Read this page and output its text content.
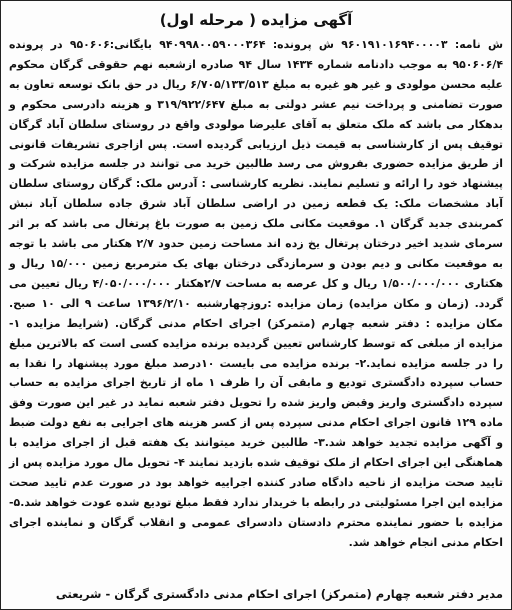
آگهی مزایده ( مرحله اول)

ش نامه: ۹۶۰۱۹۱۰۱۶۹۴۰۰۰۰۳ ش پرونده: ۹۴۰۹۹۸۰۰۵۹۰۰۰۳۶۴ بایگانی:۹۵۰۶۰۶ در پرونده ۹۵۰۶۰۶/۴ به موجب دادنامه شماره ۱۴۳۴ سال ۹۴ صادره ازشعبه نهم حقوقی گرگان محکوم علیه محسن مولودی و غیر هو غیره به مبلغ ۶/۷۰۵/۱۳۳/۵۱۳ ریال در حق بانک توسعه تعاون به صورت تضامنی و پرداخت نیم عشر دولتی به مبلغ ۳۱۹/۹۲۲/۶۴۷ و هزینه دادرسی محکوم و بدهکار می باشد که ملک متعلق به آقای علیرضا مولودی واقع در روستای سلطان آباد گرگان توقیف پس از کارشناسی به قیمت ذیل ارزیابی گردیده است. پس ازاجری تشریفات قانونی از طریق مزایده حضوری بفروش می رسد طالبین خرید می توانند در جلسه مزایده شرکت و پیشنهاد خود را ارائه و تسلیم نمایند. نظریه کارشناسی : آدرس ملک: گرگان روستای سلطان آباد مشخصات ملک: یک قطعه زمین در اراضی سلطان آباد شرق جاده سلطان آباد نبش کمربندی جدید گرگان ۱. موقعیت مکانی ملک زمین به صورت باغ پرتغال می باشد که بر اثر سرمای شدید اخیر درختان پرتغال یخ زده اند مساحت زمین حدود ۲/۷ هکتار می باشد با توجه به موقعیت مکانی و دیم بودن و سرمازدگی درختان بهای یک مترمربع زمین ۱۵/۰۰۰ ریال و هکتاری ۱/۵۰۰/۰۰۰/۰۰۰ ریال و کل عرصه به مساحت ۲/۷هکتار ۴/۰۵۰/۰۰۰/۰۰۰ ریال تعیین می گردد. (زمان و مکان مزایده) زمان مزایده :روزچهارشنبه ۱۳۹۶/۲/۱۰ ساعت ۹ الی ۱۰ صبح. مکان مزایده : دفتر شعبه چهارم (متمرکز) اجرای احکام مدنی گرگان. (شرایط مزایده ۱- مزایده از مبلغی که توسط کارشناس تعیین گردیده برنده مزایده کسی است که بالاترین مبلغ را در جلسه مزایده نماید.۲- برنده مزایده می بایست ۱۰درصد مبلغ مورد پیشنهاد را نقدا به حساب سپرده دادگستری تودیع و مابقی آن را ظرف ۱ ماه از تاریخ اجرای مزایده به حساب سپرده دادگستری واریز وقبض واریز شده را تحویل دفتر شعبه نماید در غیر این صورت وفق ماده ۱۲۹ قانون اجرای احکام مدنی سپرده پس از کسر هزینه های اجرایی به نفع دولت ضبط و آگهی مزایده تجدید خواهد شد.۳- طالبین خرید میتوانند یک هفته قبل از اجرای مزایده با هماهنگی این اجرای احکام از ملک توقیف شده بازدید نمایند ۴- تحویل مال مورد مزایده پس از تایید صحت مزایده از ناحیه دادگاه صادر کننده اجراییه خواهد بود در صورت عدم تایید صحت مزایده این اجرا مسئولیتی در رابطه با خریدار ندارد فقط مبلغ تودیع شده عودت خواهد شد.۵- مزایده با حضور نماینده محترم دادستان دادسرای عمومی و انقلاب گرگان و نماینده اجرای احکام مدنی انجام خواهد شد.

مدیر دفتر شعبه چهارم (متمرکز) اجرای احکام مدنی دادگستری گرگان - شریعتی
